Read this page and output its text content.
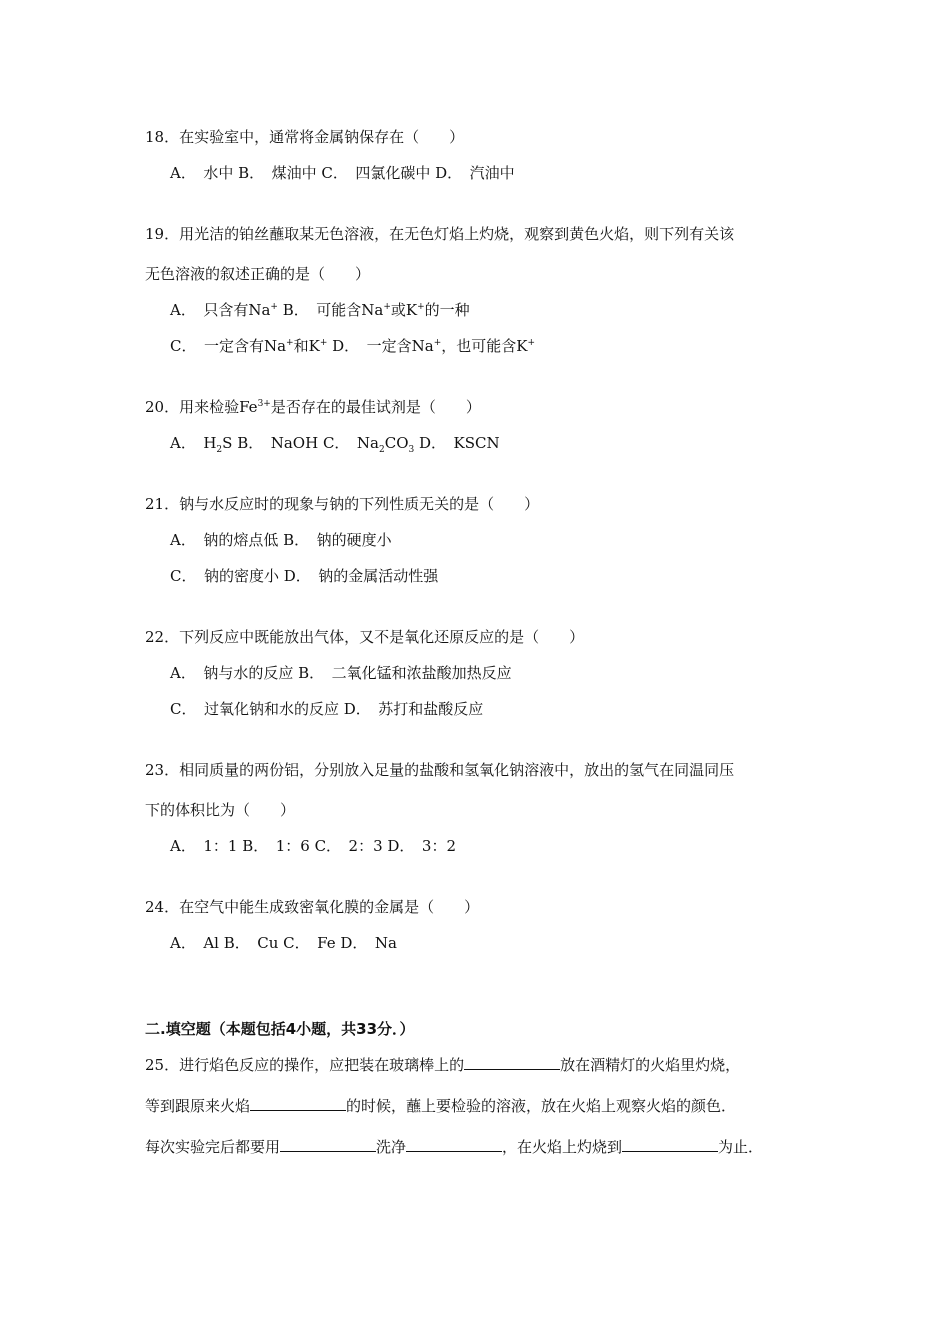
18．在实验室中，通常将金属钠保存在（　　）
A．　水中 B．　煤油中 C．　四氯化碳中 D．　汽油中
19．用光洁的铂丝蘸取某无色溶液，在无色灯焰上灼烧，观察到黄色火焰，则下列有关该
无色溶液的叙述正确的是（　　）
A．　只含有Na+ B．　可能含Na+或K+的一种
C．　一定含有Na+和K+ D．　一定含Na+，也可能含K+
20．用来检验$Fe^{3+}$是否存在的最佳试剂是（　　）
A．　$H_2S$ B．　NaOH C．　$Na_2CO_3$ D．　KSCN
21．钠与水反应时的现象与钠的下列性质无关的是（　　）
A．　钠的熔点低 B．　钠的硬度小
C．　钠的密度小 D．　钠的金属活动性强
22．下列反应中既能放出气体，又不是氧化还原反应的是（　　）
A．　钠与水的反应 B．　二氧化锰和浓盐酸加热反应
C．　过氧化钠和水的反应 D．　苏打和盐酸反应
23．相同质量的两份铝，分别放入足量的盐酸和氢氧化钠溶液中，放出的氢气在同温同压
下的体积比为（　　）
A．　1：1 B．　1：6 C．　2：3 D．　3：2
24．在空气中能生成致密氧化膜的金属是（　　）
A．　Al B．　Cu C．　Fe D．　Na
二.填空题（本题包括4小题，共33分．）
25．进行焰色反应的操作，应把装在玻璃棒上的	放在酒精灯的火焰里灼烧，
等到跟原来火焰	的时候，蘸上要检验的溶液，放在火焰上观察火焰的颜色．
每次实验完后都要用	洗净	，在火焰上灼烧到	为止．
